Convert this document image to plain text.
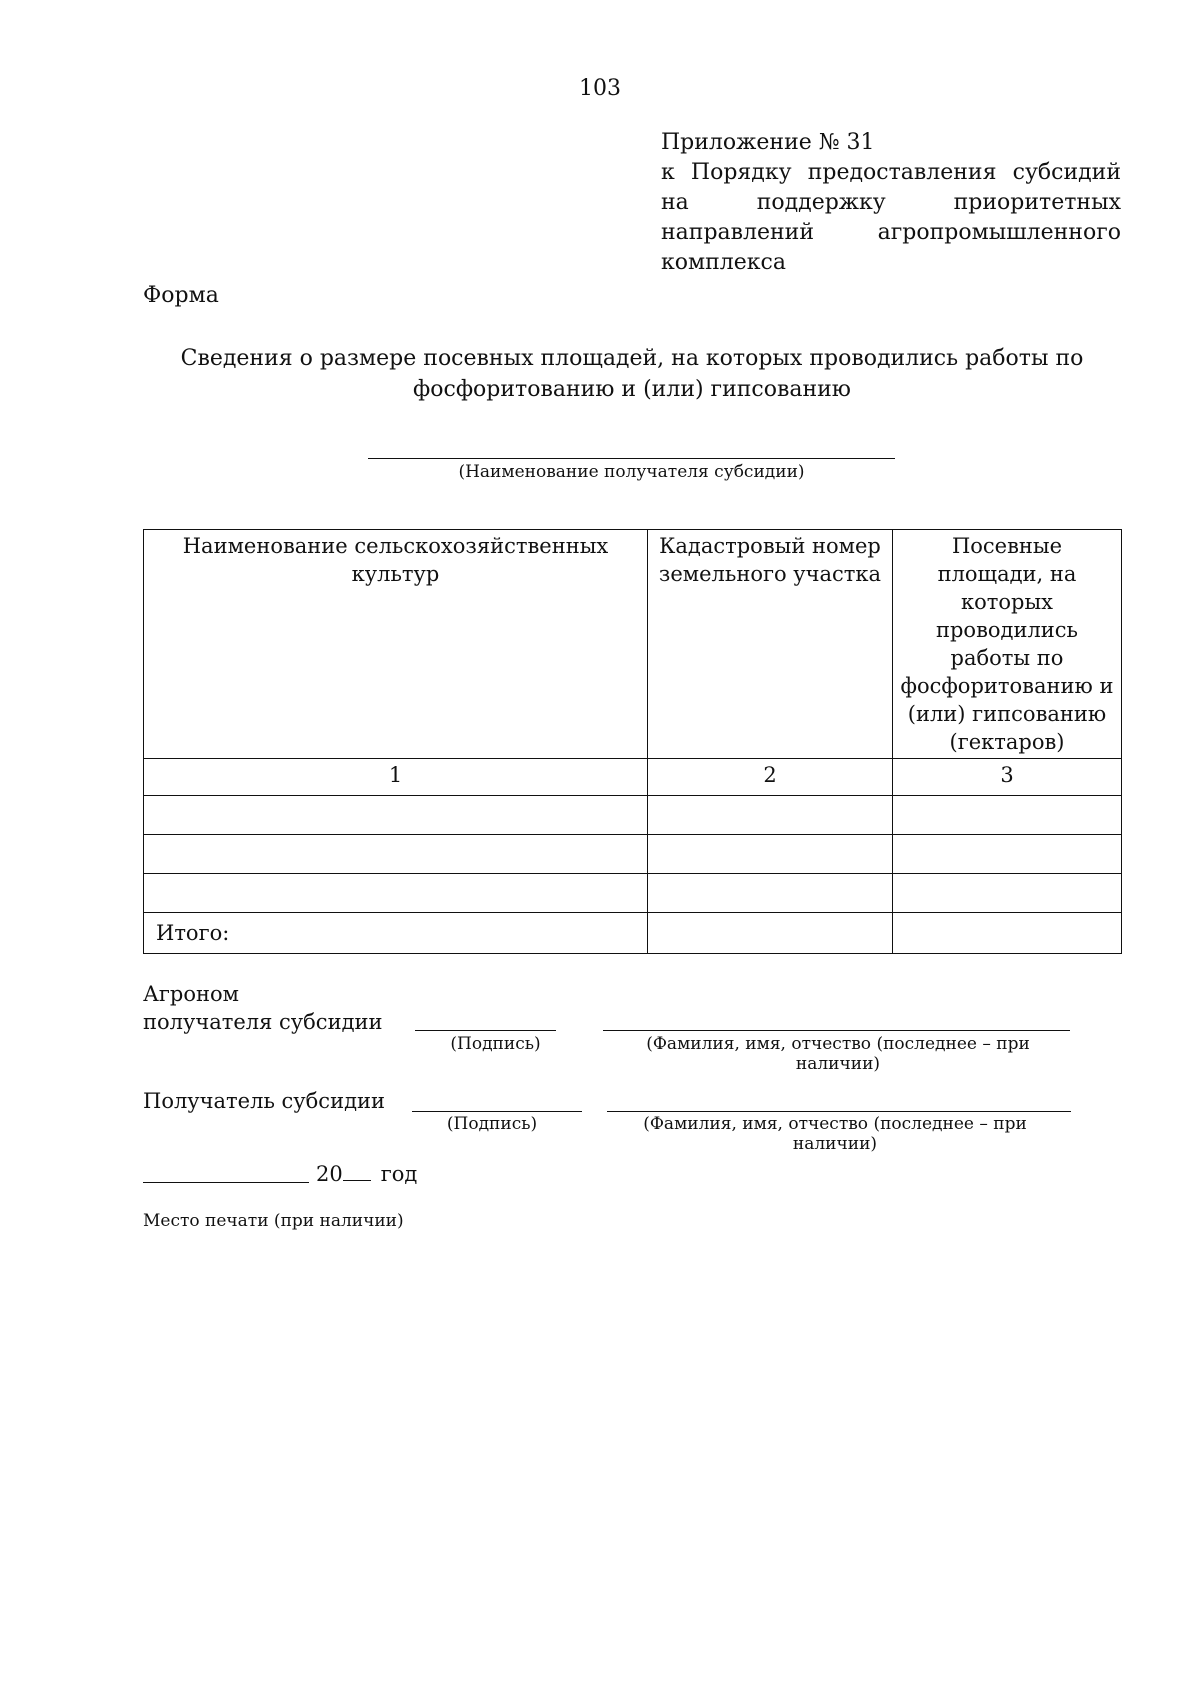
103
Приложение № 31
к Порядку предоставления субсидий на поддержку приоритетных направлений агропромышленного комплекса
Форма
Сведения о размере посевных площадей, на которых проводились работы по фосфоритованию и (или) гипсованию
(Наименование получателя субсидии)
Наименование сельскохозяйственных культур	Кадастровый номер земельного участка	Посевные площади, на которых проводились работы по фосфоритованию и (или) гипсованию (гектаров)
1	2	3

Итого:		
Агроном
получателя субсидии
(Подпись)	(Фамилия, имя, отчество (последнее – при наличии)
Получатель субсидии
(Подпись)	(Фамилия, имя, отчество (последнее – при наличии)
20 год
Место печати (при наличии)
